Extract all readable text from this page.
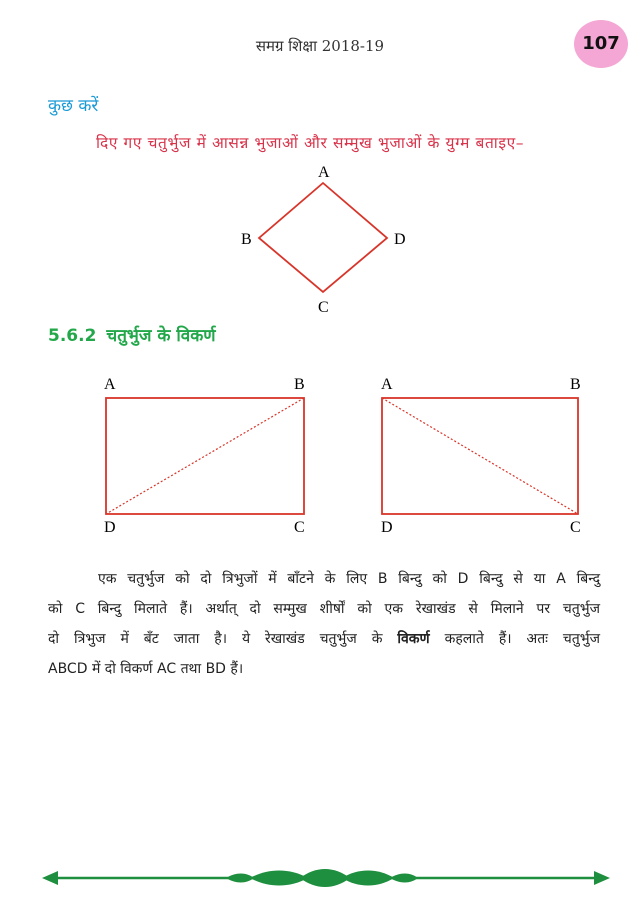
समग्र शिक्षा 2018-19	107
कुछ करें
दिए गए चतुर्भुज में आसन्न भुजाओं और सम्मुख भुजाओं के युग्म बताइए–
A
B
C
D
A	B
D	C
A	B
D	C
5.6.2 चतुर्भुज के विकर्ण
एक चतुर्भुज को दो त्रिभुजों में बाँटने के लिए B बिन्दु को D बिन्दु से या A बिन्दु
को C बिन्दु मिलाते हैं। अर्थात् दो सम्मुख शीर्षों को एक रेखाखंड से मिलाने पर चतुर्भुज
दो त्रिभुज में बँट जाता है। ये रेखाखंड चतुर्भुज के विकर्ण कहलाते हैं। अतः चतुर्भुज
ABCD में दो विकर्ण AC तथा BD हैं।
